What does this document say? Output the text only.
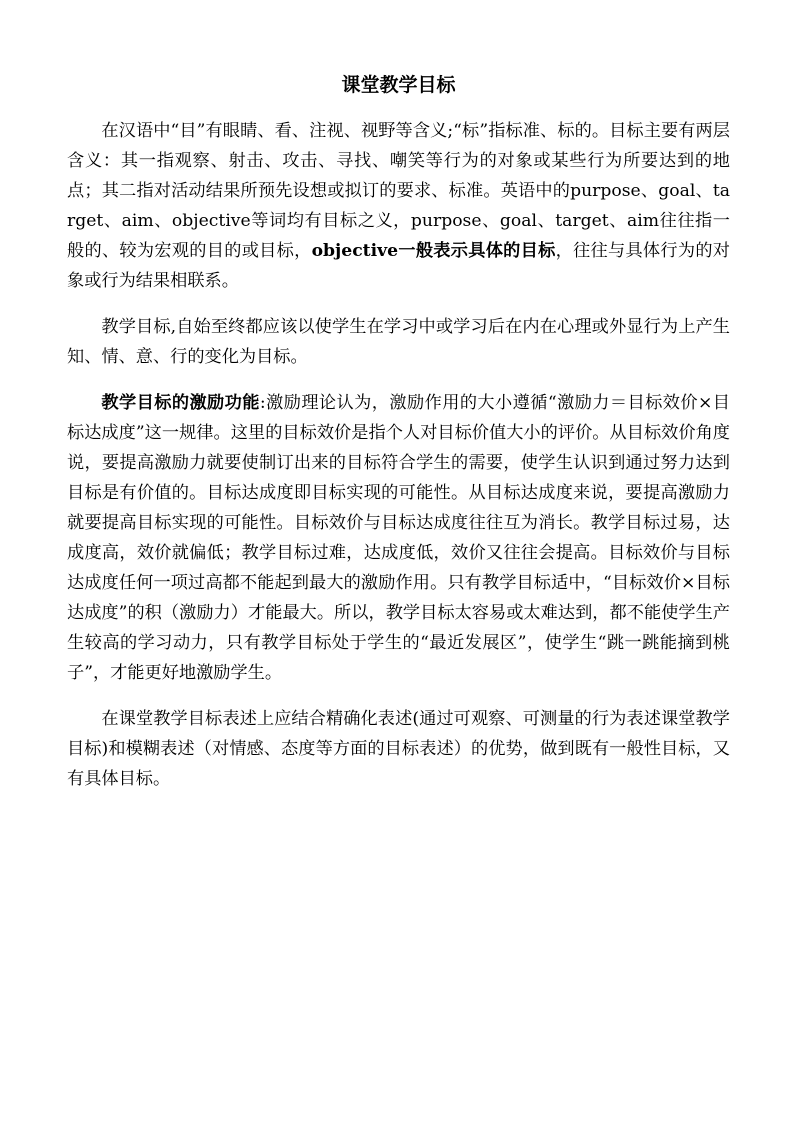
课堂教学目标

在汉语中“目”有眼睛、看、注视、视野等含义;“标”指标准、标的。目标主要有两层含义：其一指观察、射击、攻击、寻找、嘲笑等行为的对象或某些行为所要达到的地点；其二指对活动结果所预先设想或拟订的要求、标准。英语中的purpose、goal、target、aim、objective等词均有目标之义，purpose、goal、target、aim往往指一般的、较为宏观的目的或目标，objective一般表示具体的目标，往往与具体行为的对象或行为结果相联系。

教学目标,自始至终都应该以使学生在学习中或学习后在内在心理或外显行为上产生知、情、意、行的变化为目标。

教学目标的激励功能:激励理论认为，激励作用的大小遵循“激励力＝目标效价×目标达成度”这一规律。这里的目标效价是指个人对目标价值大小的评价。从目标效价角度说，要提高激励力就要使制订出来的目标符合学生的需要，使学生认识到通过努力达到目标是有价值的。目标达成度即目标实现的可能性。从目标达成度来说，要提高激励力就要提高目标实现的可能性。目标效价与目标达成度往往互为消长。教学目标过易，达成度高，效价就偏低；教学目标过难，达成度低，效价又往往会提高。目标效价与目标达成度任何一项过高都不能起到最大的激励作用。只有教学目标适中，“目标效价×目标达成度”的积（激励力）才能最大。所以，教学目标太容易或太难达到，都不能使学生产生较高的学习动力，只有教学目标处于学生的“最近发展区”，使学生“跳一跳能摘到桃子”，才能更好地激励学生。

在课堂教学目标表述上应结合精确化表述(通过可观察、可测量的行为表述课堂教学目标)和模糊表述（对情感、态度等方面的目标表述）的优势，做到既有一般性目标，又有具体目标。
